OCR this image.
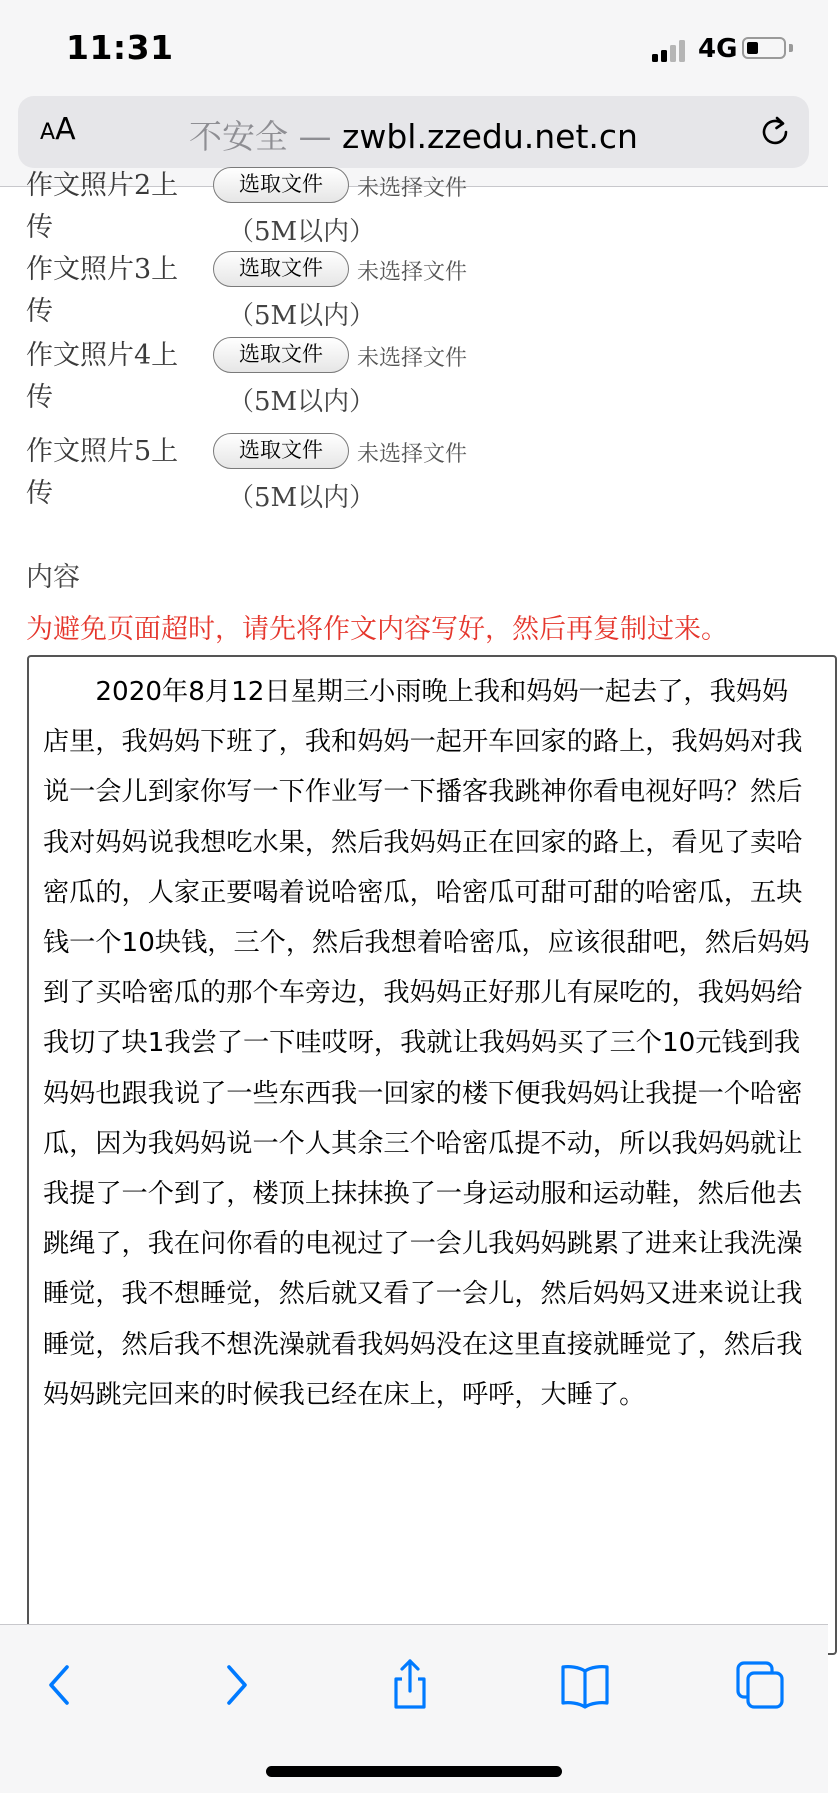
11:31	4G
AA	不安全 — zwbl.zzedu.net.cn
作文照片2上
传
选取文件	未选择文件
（5M以内）
作文照片3上
传
选取文件	未选择文件
（5M以内）
作文照片4上
传
选取文件	未选择文件
（5M以内）
作文照片5上
传
选取文件	未选择文件
（5M以内）
内容
为避免页面超时，请先将作文内容写好，然后再复制过来。

2020年8月12日星期三小雨晚上我和妈妈一起去了，我妈妈店里，我妈妈下班了，我和妈妈一起开车回家的路上，我妈妈对我说一会儿到家你写一下作业写一下播客我跳神你看电视好吗？然后我对妈妈说我想吃水果，然后我妈妈正在回家的路上，看见了卖哈密瓜的，人家正要喝着说哈密瓜，哈密瓜可甜可甜的哈密瓜，五块钱一个10块钱，三个，然后我想着哈密瓜，应该很甜吧，然后妈妈到了买哈密瓜的那个车旁边，我妈妈正好那儿有屎吃的，我妈妈给我切了块1我尝了一下哇哎呀，我就让我妈妈买了三个10元钱到我妈妈也跟我说了一些东西我一回家的楼下便我妈妈让我提一个哈密瓜，因为我妈妈说一个人其余三个哈密瓜提不动，所以我妈妈就让我提了一个到了，楼顶上抹抹换了一身运动服和运动鞋，然后他去跳绳了，我在问你看的电视过了一会儿我妈妈跳累了进来让我洗澡睡觉，我不想睡觉，然后就又看了一会儿，然后妈妈又进来说让我睡觉，然后我不想洗澡就看我妈妈没在这里直接就睡觉了，然后我妈妈跳完回来的时候我已经在床上，呼呼，大睡了。
